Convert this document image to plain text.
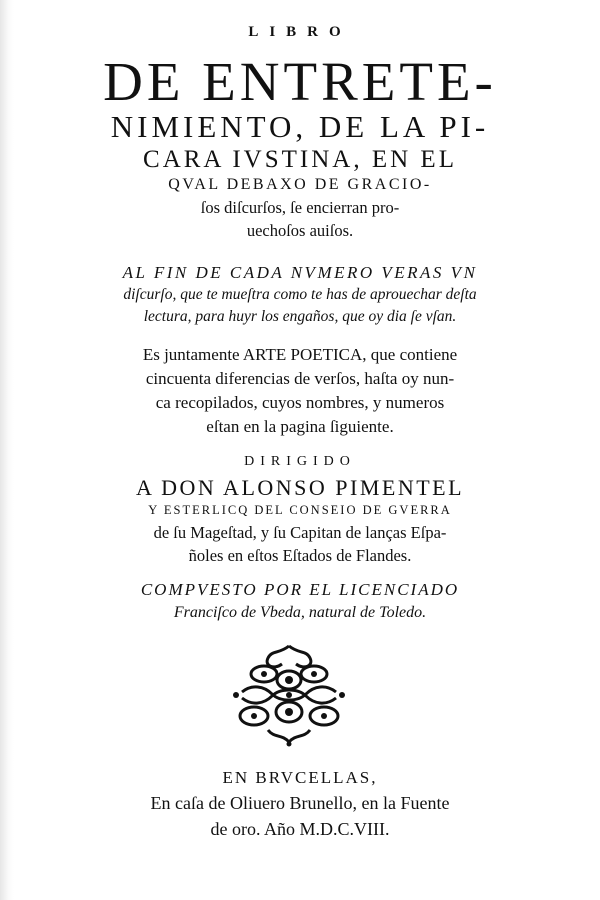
LIBRO
DE ENTRETE-
NIMIENTO, DE LA PI-
CARA IVSTINA, EN EL
QVAL DEBAXO DE GRACIO-
ſos diſcurſos, ſe encierran pro-
uechoſos auiſos.
AL FIN DE CADA NVMERO VERAS VN
diſcurſo, que te mueſtra como te has de aprouechar deſta
lectura, para huyr los engaños, que oy dia ſe vſan.
Es juntamente ARTE POETICA, que contiene
cincuenta diferencias de verſos, haſta oy nun-
ca recopilados, cuyos nombres, y numeros
eſtan en la pagina ſiguiente.
DIRIGIDO
A DON ALONSO PIMENTEL
Y ESTERLICQ DEL CONSEIO DE GVERRA
de ſu Mageſtad, y ſu Capitan de lanças Eſpa-
ñoles en eſtos Eſtados de Flandes.
COMPVESTO POR EL LICENCIADO
Franciſco de Vbeda, natural de Toledo.
EN BRVCELLAS,
En caſa de Oliuero Brunello, en la Fuente
de oro. Año M.D.C.VIII.
